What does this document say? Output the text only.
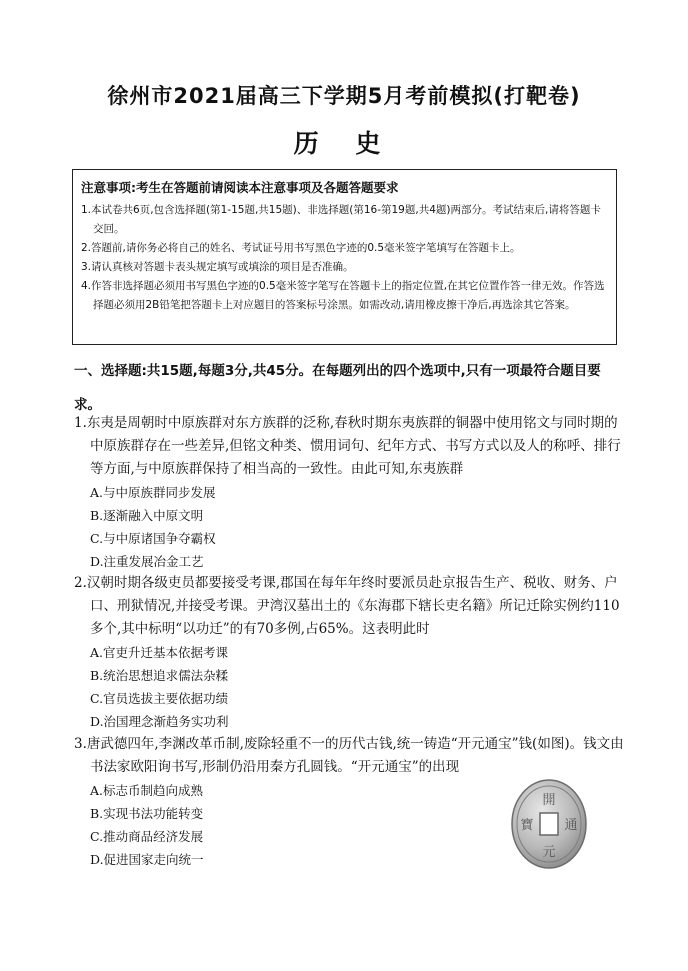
徐州市2021届高三下学期5月考前模拟(打靶卷)
历 史
注意事项:考生在答题前请阅读本注意事项及各题答题要求
1.本试卷共6页,包含选择题(第1-15题,共15题)、非选择题(第16-第19题,共4题)两部分。考试结束后,请将答题卡交回。
2.答题前,请你务必将自己的姓名、考试证号用书写黑色字迹的0.5毫米签字笔填写在答题卡上。
3.请认真核对答题卡表头规定填写或填涂的项目是否准确。
4.作答非选择题必须用书写黑色字迹的0.5毫米签字笔写在答题卡上的指定位置,在其它位置作答一律无效。作答选择题必须用2B铅笔把答题卡上对应题目的答案标号涂黑。如需改动,请用橡皮擦干净后,再选涂其它答案。
一、选择题:共15题,每题3分,共45分。在每题列出的四个选项中,只有一项最符合题目要求。
1.东夷是周朝时中原族群对东方族群的泛称,春秋时期东夷族群的铜器中使用铭文与同时期的中原族群存在一些差异,但铭文种类、惯用词句、纪年方式、书写方式以及人的称呼、排行等方面,与中原族群保持了相当高的一致性。由此可知,东夷族群
A.与中原族群同步发展
B.逐渐融入中原文明
C.与中原诸国争夺霸权
D.注重发展冶金工艺
2.汉朝时期各级吏员都要接受考课,郡国在每年年终时要派员赴京报告生产、税收、财务、户口、刑狱情况,并接受考课。尹湾汉墓出土的《东海郡下辖长吏名籍》所记迁除实例约110多个,其中标明“以功迁”的有70多例,占65%。这表明此时
A.官吏升迁基本依据考课
B.统治思想追求儒法杂糅
C.官员选拔主要依据功绩
D.治国理念渐趋务实功利
3.唐武德四年,李渊改革币制,废除轻重不一的历代古钱,统一铸造“开元通宝”钱(如图)。钱文由书法家欧阳询书写,形制仍沿用秦方孔圆钱。“开元通宝”的出现
A.标志币制趋向成熟
B.实现书法功能转变
C.推动商品经济发展
D.促进国家走向统一
開
通
元
寶
